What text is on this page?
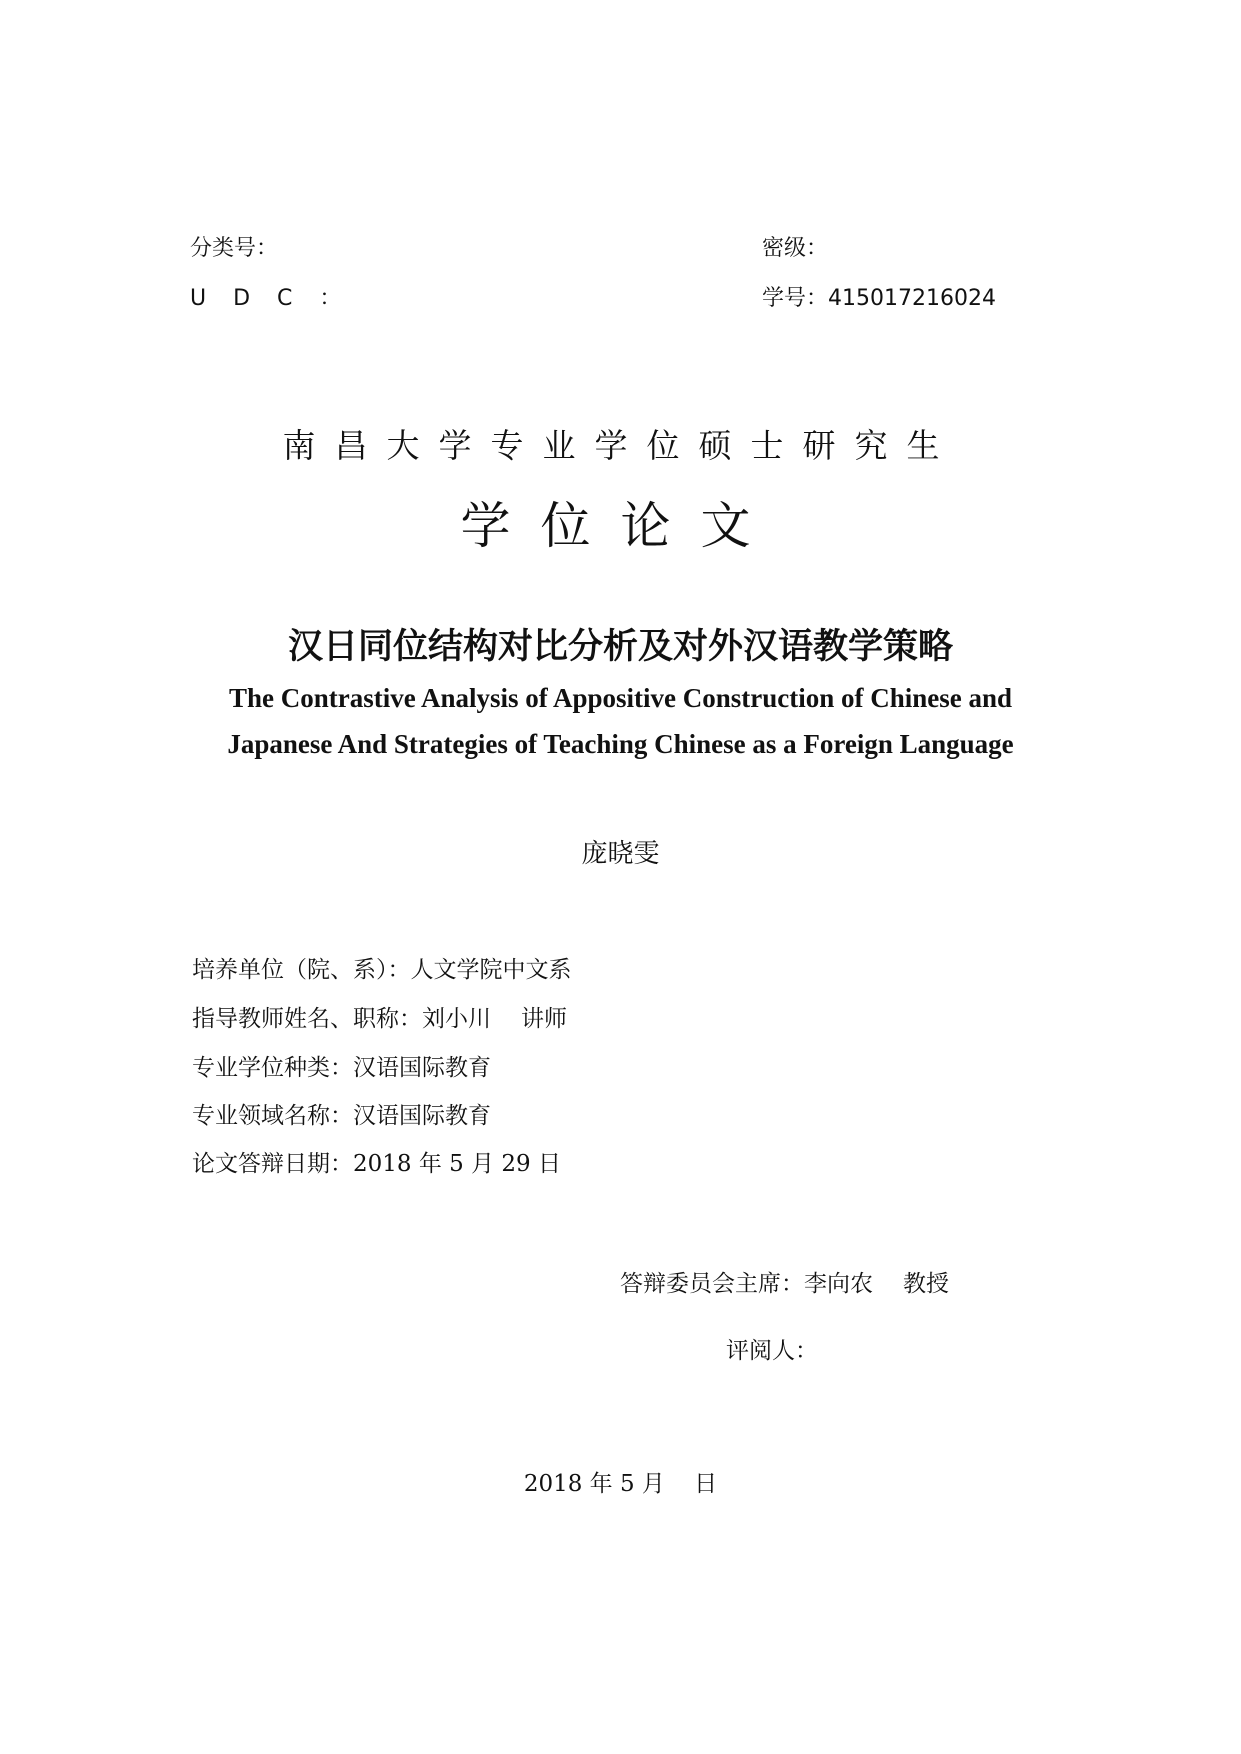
分类号：
U D C ：
密级：
学号：415017216024
南昌大学专业学位硕士研究生
学位论文
汉日同位结构对比分析及对外汉语教学策略
The Contrastive Analysis of Appositive Construction of Chinese and
Japanese And Strategies of Teaching Chinese as a Foreign Language
庞晓雯
培养单位（院、系）：人文学院中文系
指导教师姓名、职称：刘小川 讲师
专业学位种类：汉语国际教育
专业领域名称：汉语国际教育
论文答辩日期：2018 年 5 月 29 日
答辩委员会主席：李向农 教授
评阅人：
2018 年 5 月    日
